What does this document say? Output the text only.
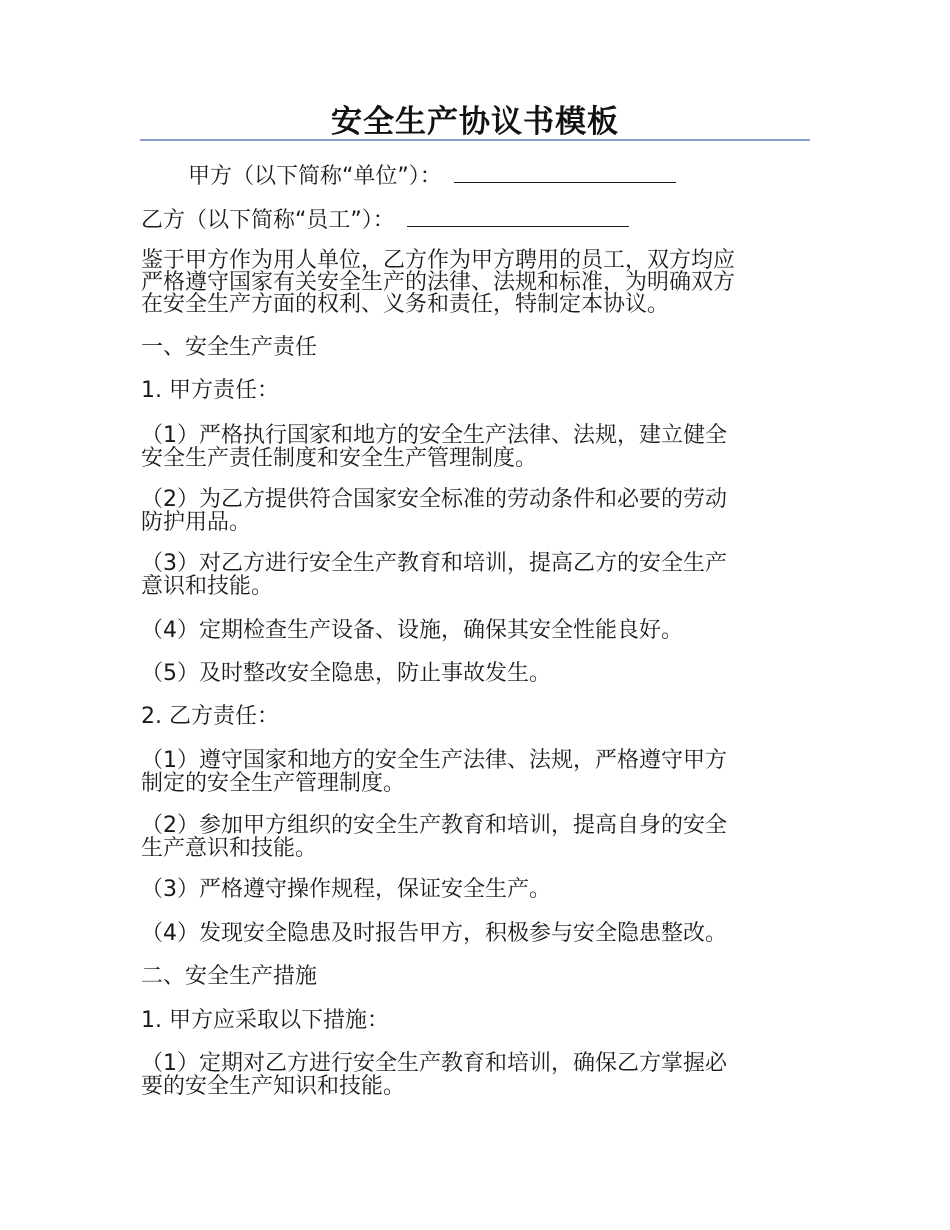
安全生产协议书模板

甲方（以下简称“单位”）：

乙方（以下简称“员工”）：

鉴于甲方作为用人单位，乙方作为甲方聘用的员工，双方均应

严格遵守国家有关安全生产的法律、法规和标准，为明确双方

在安全生产方面的权利、义务和责任，特制定本协议。

一、安全生产责任

1. 甲方责任：

（1）严格执行国家和地方的安全生产法律、法规，建立健全

安全生产责任制度和安全生产管理制度。

（2）为乙方提供符合国家安全标准的劳动条件和必要的劳动

防护用品。

（3）对乙方进行安全生产教育和培训，提高乙方的安全生产

意识和技能。

（4）定期检查生产设备、设施，确保其安全性能良好。

（5）及时整改安全隐患，防止事故发生。

2. 乙方责任：

（1）遵守国家和地方的安全生产法律、法规，严格遵守甲方

制定的安全生产管理制度。

（2）参加甲方组织的安全生产教育和培训，提高自身的安全

生产意识和技能。

（3）严格遵守操作规程，保证安全生产。

（4）发现安全隐患及时报告甲方，积极参与安全隐患整改。

二、安全生产措施

1. 甲方应采取以下措施：

（1）定期对乙方进行安全生产教育和培训，确保乙方掌握必

要的安全生产知识和技能。
